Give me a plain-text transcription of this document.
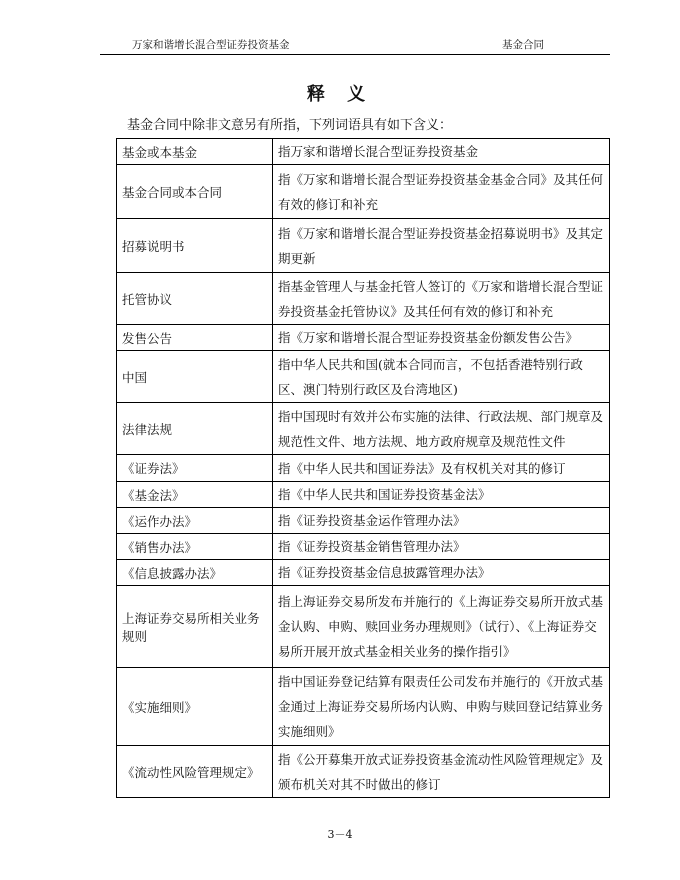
万家和谐增长混合型证券投资基金	基金合同
释 义
基金合同中除非文意另有所指，下列词语具有如下含义：
基金或本基金	指万家和谐增长混合型证券投资基金
基金合同或本合同	指《万家和谐增长混合型证券投资基金基金合同》及其任何有效的修订和补充
招募说明书	指《万家和谐增长混合型证券投资基金招募说明书》及其定期更新
托管协议	指基金管理人与基金托管人签订的《万家和谐增长混合型证券投资基金托管协议》及其任何有效的修订和补充
发售公告	指《万家和谐增长混合型证券投资基金份额发售公告》
中国	指中华人民共和国(就本合同而言，不包括香港特别行政区、澳门特别行政区及台湾地区)
法律法规	指中国现时有效并公布实施的法律、行政法规、部门规章及规范性文件、地方法规、地方政府规章及规范性文件
《证券法》	指《中华人民共和国证券法》及有权机关对其的修订
《基金法》	指《中华人民共和国证券投资基金法》
《运作办法》	指《证券投资基金运作管理办法》
《销售办法》	指《证券投资基金销售管理办法》
《信息披露办法》	指《证券投资基金信息披露管理办法》
上海证券交易所相关业务规则	指上海证券交易所发布并施行的《上海证券交易所开放式基金认购、申购、赎回业务办理规则》（试行）、《上海证券交易所开展开放式基金相关业务的操作指引》
《实施细则》	指中国证券登记结算有限责任公司发布并施行的《开放式基金通过上海证券交易所场内认购、申购与赎回登记结算业务实施细则》
《流动性风险管理规定》	指《公开募集开放式证券投资基金流动性风险管理规定》及颁布机关对其不时做出的修订
3－4
